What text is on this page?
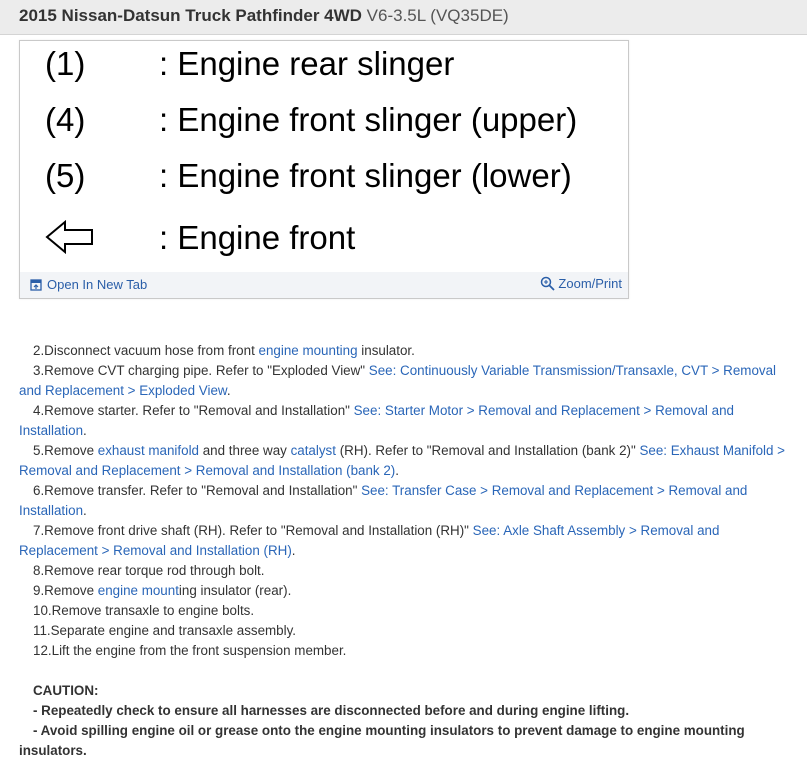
2015 Nissan-Datsun Truck Pathfinder 4WD V6-3.5L (VQ35DE)
(1) : Engine rear slinger
(4) : Engine front slinger (upper)
(5) : Engine front slinger (lower)
: Engine front
Open In New Tab	Zoom/Print

2.Disconnect vacuum hose from front engine mounting insulator.

3.Remove CVT charging pipe. Refer to "Exploded View" See: Continuously Variable Transmission/Transaxle, CVT > Removal and Replacement > Exploded View.

4.Remove starter. Refer to "Removal and Installation" See: Starter Motor > Removal and Replacement > Removal and Installation.

5.Remove exhaust manifold and three way catalyst (RH). Refer to "Removal and Installation (bank 2)" See: Exhaust Manifold > Removal and Replacement > Removal and Installation (bank 2).

6.Remove transfer. Refer to "Removal and Installation" See: Transfer Case > Removal and Replacement > Removal and Installation.

7.Remove front drive shaft (RH). Refer to "Removal and Installation (RH)" See: Axle Shaft Assembly > Removal and Replacement > Removal and Installation (RH).

8.Remove rear torque rod through bolt.

9.Remove engine mounting insulator (rear).

10.Remove transaxle to engine bolts.

11.Separate engine and transaxle assembly.

12.Lift the engine from the front suspension member.

CAUTION:
- Repeatedly check to ensure all harnesses are disconnected before and during engine lifting.
- Avoid spilling engine oil or grease onto the engine mounting insulators to prevent damage to engine mounting
insulators.
